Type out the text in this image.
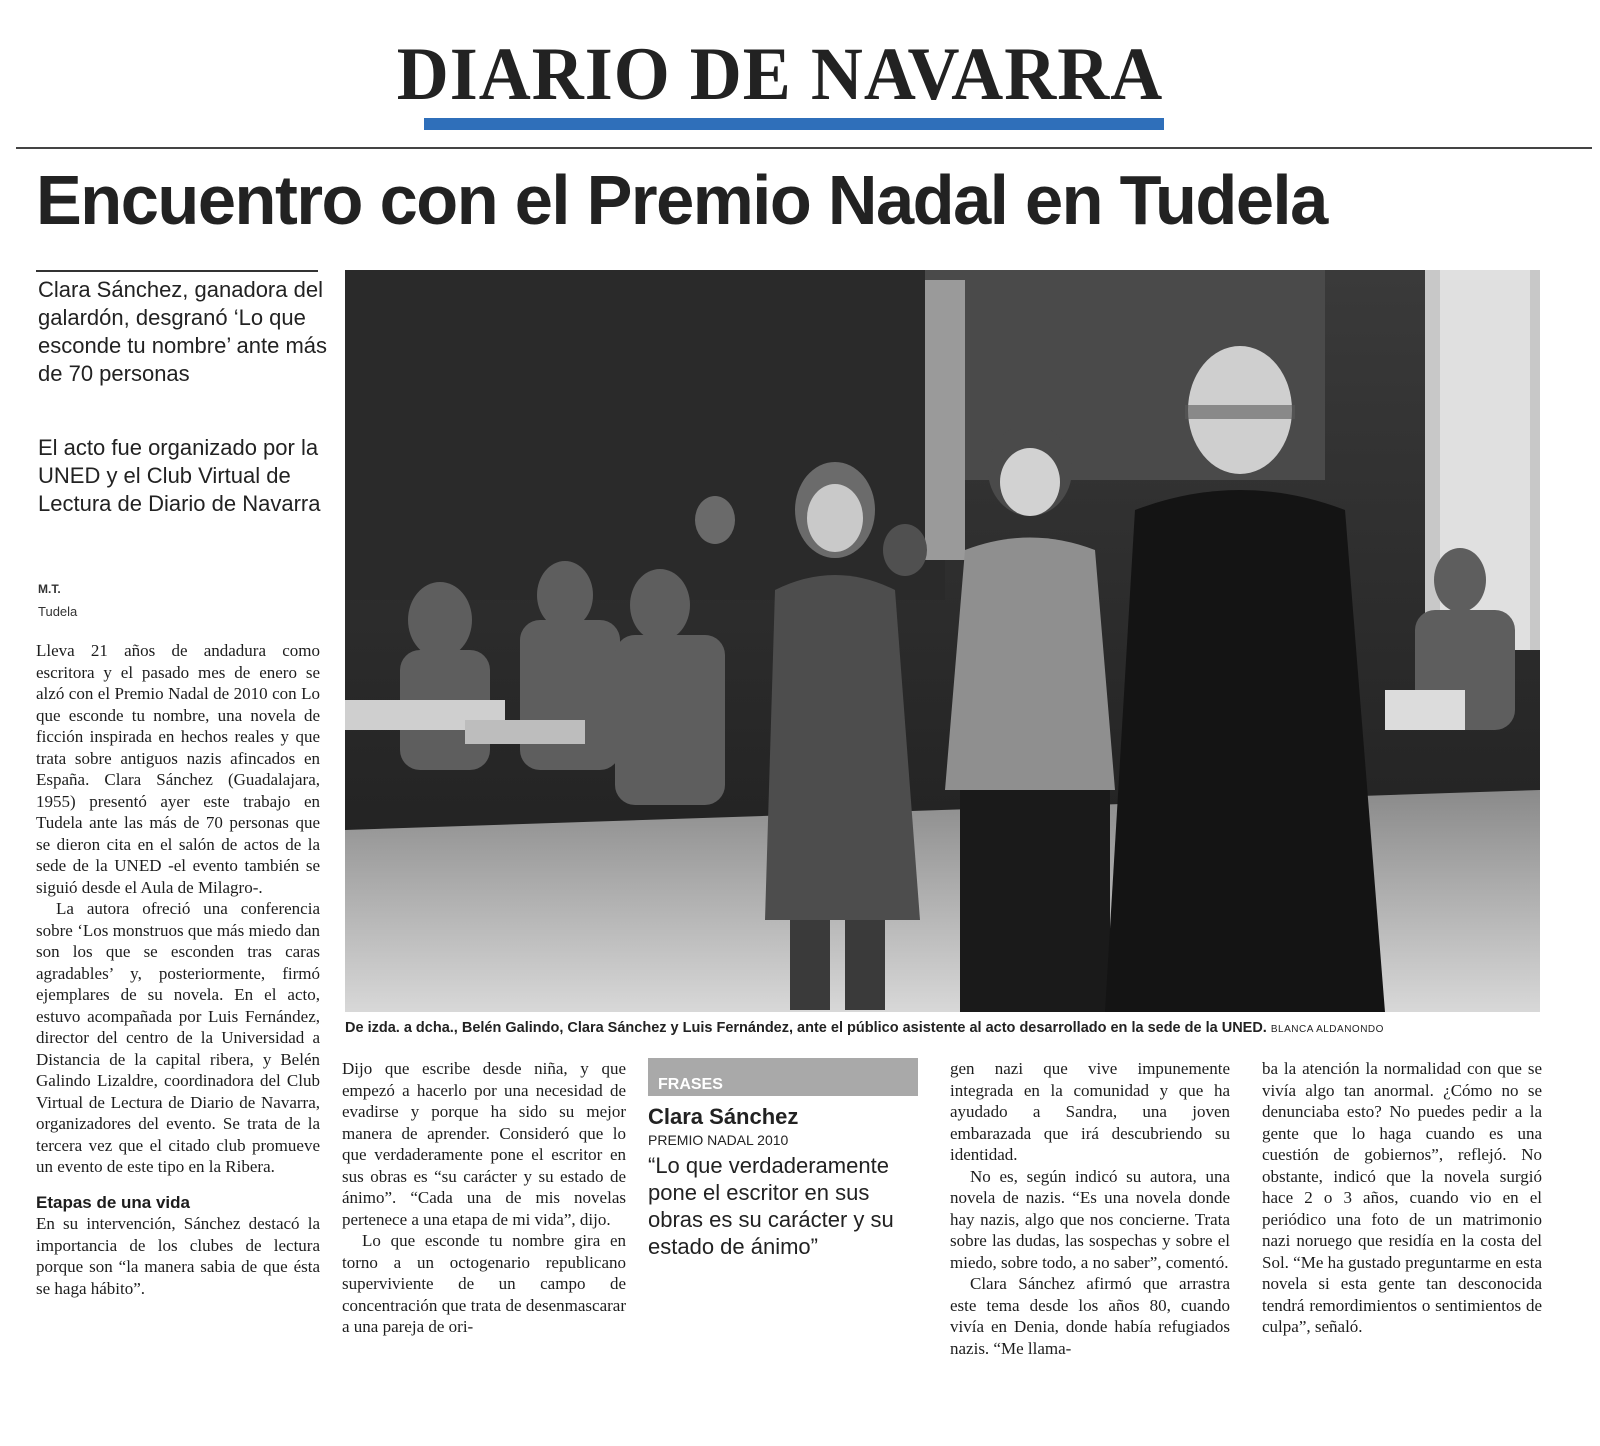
DIARIO DE NAVARRA
Encuentro con el Premio Nadal en Tudela
Clara Sánchez, ganadora del galardón, desgranó ‘Lo que esconde tu nombre’ ante más de 70 personas
El acto fue organizado por la UNED y el Club Virtual de Lectura de Diario de Navarra
M.T.
Tudela

Lleva 21 años de andadura como escritora y el pasado mes de enero se alzó con el Premio Nadal de 2010 con Lo que esconde tu nombre, una novela de ficción inspirada en hechos reales y que trata sobre antiguos nazis afincados en España. Clara Sánchez (Guadalajara, 1955) presentó ayer este trabajo en Tudela ante las más de 70 personas que se dieron cita en el salón de actos de la sede de la UNED -el evento también se siguió desde el Aula de Milagro-.

La autora ofreció una conferencia sobre ‘Los monstruos que más miedo dan son los que se esconden tras caras agradables’ y, posteriormente, firmó ejemplares de su novela. En el acto, estuvo acompañada por Luis Fernández, director del centro de la Universidad a Distancia de la capital ribera, y Belén Galindo Lizaldre, coordinadora del Club Virtual de Lectura de Diario de Navarra, organizadores del evento. Se trata de la tercera vez que el citado club promueve un evento de este tipo en la Ribera.

Etapas de una vida

En su intervención, Sánchez destacó la importancia de los clubes de lectura porque son “la manera sabia de que ésta se haga hábito”.

De izda. a dcha., Belén Galindo, Clara Sánchez y Luis Fernández, ante el público asistente al acto desarrollado en la sede de la UNED. BLANCA ALDANONDO

Dijo que escribe desde niña, y que empezó a hacerlo por una necesidad de evadirse y porque ha sido su mejor manera de aprender. Consideró que lo que verdaderamente pone el escritor en sus obras es “su carácter y su estado de ánimo”. “Cada una de mis novelas pertenece a una etapa de mi vida”, dijo.

Lo que esconde tu nombre gira en torno a un octogenario republicano superviviente de un campo de concentración que trata de desenmascarar a una pareja de ori-

FRASES
Clara Sánchez
PREMIO NADAL 2010
“Lo que verdaderamente pone el escritor en sus obras es su carácter y su estado de ánimo”

gen nazi que vive impunemente integrada en la comunidad y que ha ayudado a Sandra, una joven embarazada que irá descubriendo su identidad.

No es, según indicó su autora, una novela de nazis. “Es una novela donde hay nazis, algo que nos concierne. Trata sobre las dudas, las sospechas y sobre el miedo, sobre todo, a no saber”, comentó.

Clara Sánchez afirmó que arrastra este tema desde los años 80, cuando vivía en Denia, donde había refugiados nazis. “Me llama-

ba la atención la normalidad con que se vivía algo tan anormal. ¿Cómo no se denunciaba esto? No puedes pedir a la gente que lo haga cuando es una cuestión de gobiernos”, reflejó. No obstante, indicó que la novela surgió hace 2 o 3 años, cuando vio en el periódico una foto de un matrimonio nazi noruego que residía en la costa del Sol. “Me ha gustado preguntarme en esta novela si esta gente tan desconocida tendrá remordimientos o sentimientos de culpa”, señaló.
